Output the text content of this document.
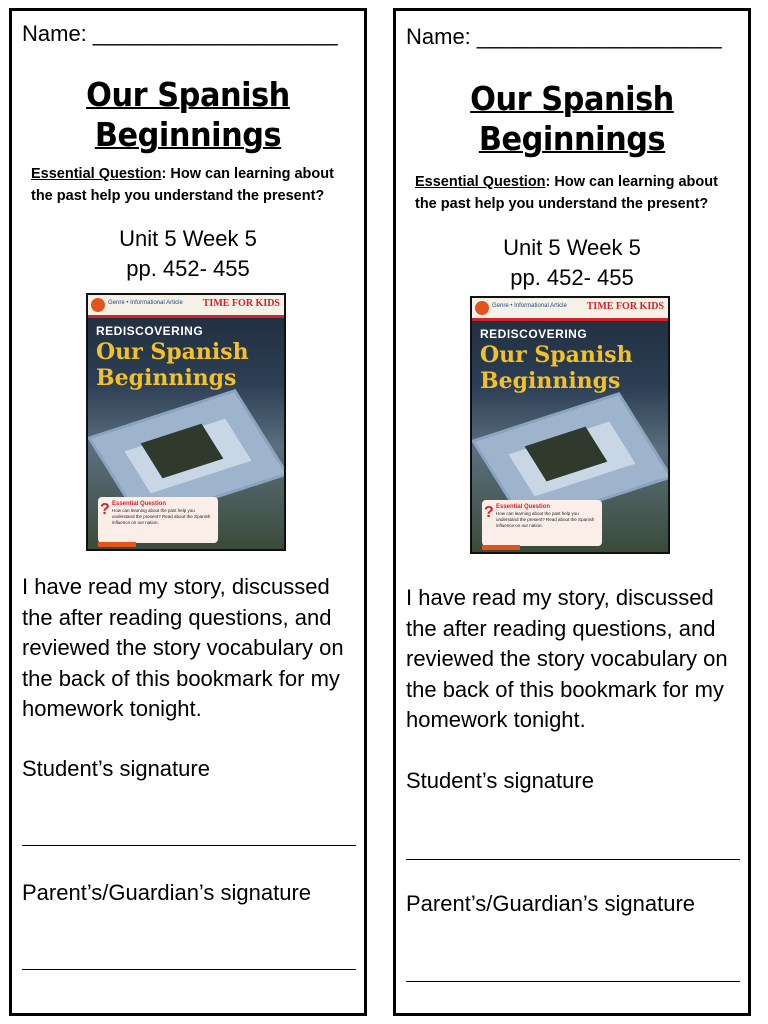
Name: ____________________
Our Spanish
Beginnings
Essential Question: How can learning about the past help you understand the present?
Unit 5 Week 5
pp. 452- 455
Genre • Informational Article TIME FOR KIDS
REDISCOVERING
Our Spanish Beginnings
? Essential Question
How can learning about the past help you understand the present? Read about the Spanish influence on our nation.
I have read my story, discussed the after reading questions, and reviewed the story vocabulary on the back of this bookmark for my homework tonight.
Student’s signature
Parent’s/Guardian’s signature
Name: ____________________
Our Spanish
Beginnings
Essential Question: How can learning about the past help you understand the present?
Unit 5 Week 5
pp. 452- 455
Genre • Informational Article TIME FOR KIDS
REDISCOVERING
Our Spanish Beginnings
? Essential Question
How can learning about the past help you understand the present? Read about the Spanish influence on our nation.
I have read my story, discussed the after reading questions, and reviewed the story vocabulary on the back of this bookmark for my homework tonight.
Student’s signature
Parent’s/Guardian’s signature
